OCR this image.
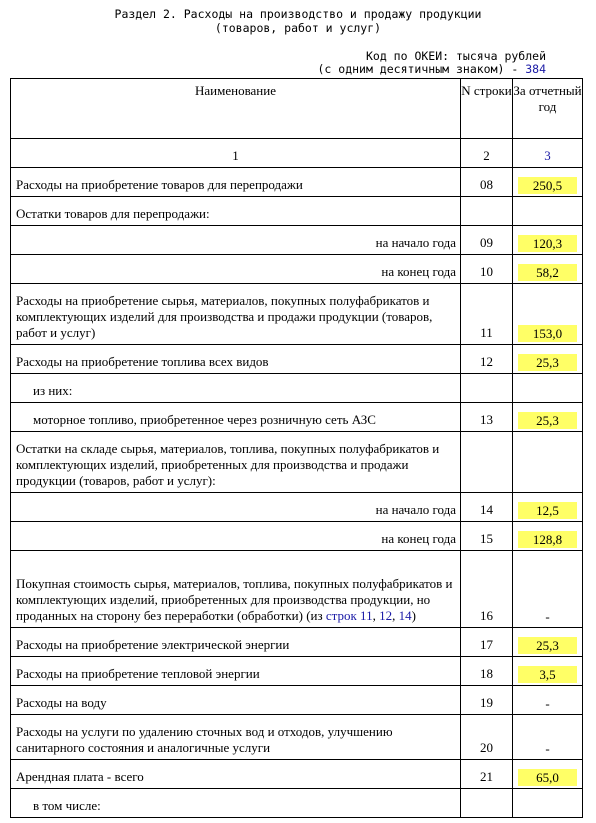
Раздел 2. Расходы на производство и продажу продукции
(товаров, работ и услуг)
Код по ОКЕИ: тысяча рублей
(с одним десятичным знаком) - 384
Наименование	N строки	За отчетный год
1	2	3
Расходы на приобретение товаров для перепродажи	08	250,5

Остатки товаров для перепродажи:		

на начало года	09	120,3

на конец года	10	58,2

Расходы на приобретение сырья, материалов, покупных полуфабрикатов и комплектующих изделий для производства и продажи продукции (товаров, работ и услуг)	11	153,0

Расходы на приобретение топлива всех видов	12	25,3

из них:		

моторное топливо, приобретенное через розничную сеть АЗС	13	25,3

Остатки на складе сырья, материалов, топлива, покупных полуфабрикатов и комплектующих изделий, приобретенных для производства и продажи продукции (товаров, работ и услуг):		

на начало года	14	12,5

на конец года	15	128,8

Покупная стоимость сырья, материалов, топлива, покупных полуфабрикатов и комплектующих изделий, приобретенных для производства продукции, но проданных на сторону без переработки (обработки) (из строк 11, 12, 14)	16	-

Расходы на приобретение электрической энергии	17	25,3

Расходы на приобретение тепловой энергии	18	3,5

Расходы на воду	19	-

Расходы на услуги по удалению сточных вод и отходов, улучшению санитарного состояния и аналогичные услуги	20	-

Арендная плата - всего	21	65,0

в том числе:		
